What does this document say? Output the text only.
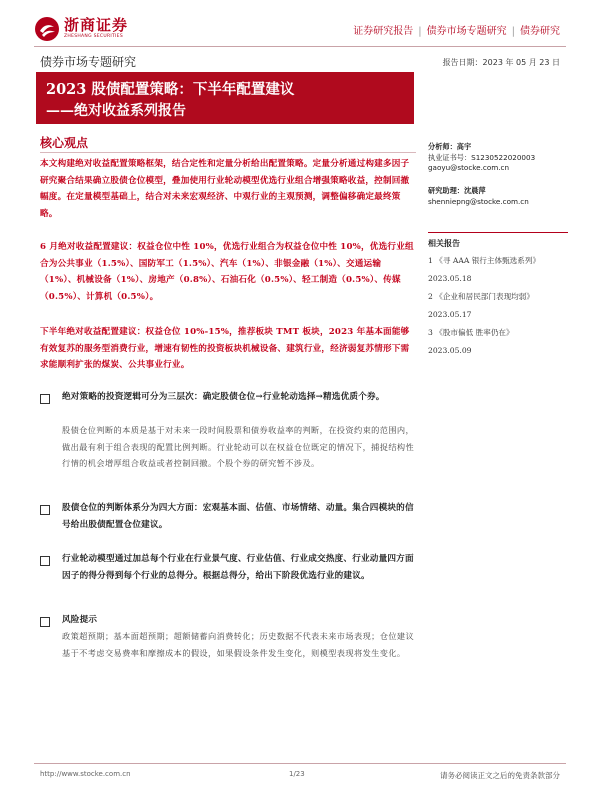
浙商证券
ZHESHANG SECURITIES	证券研究报告 | 债券市场专题研究 | 债券研究
债券市场专题研究	报告日期：2023 年 05 月 23 日
2023 股债配置策略：下半年配置建议
——绝对收益系列报告
核心观点
本文构建绝对收益配置策略框架，结合定性和定量分析给出配置策略。定量分析通过构建多因子研究聚合结果确立股债仓位模型，叠加使用行业轮动模型优选行业组合增强策略收益，控制回撤幅度。在定量模型基础上，结合对未来宏观经济、中观行业的主观预测，调整偏移确定最终策略。
6 月绝对收益配置建议：权益仓位中性 10%，优选行业组合为权益仓位中性 10%，优选行业组合为公共事业（1.5%）、国防军工（1.5%）、汽车（1%）、非银金融（1%）、交通运输（1%）、机械设备（1%）、房地产（0.8%）、石油石化（0.5%）、轻工制造（0.5%）、传媒（0.5%）、计算机（0.5%）。
下半年绝对收益配置建议：权益仓位 10%-15%，推荐板块 TMT 板块，2023 年基本面能够有效复苏的服务型消费行业，增速有韧性的投资板块机械设备、建筑行业，经济弱复苏情形下需求能顺利扩张的煤炭、公共事业行业。
绝对策略的投资逻辑可分为三层次：确定股债仓位→行业轮动选择→精选优质个券。
股债仓位判断的本质是基于对未来一段时间股票和债券收益率的判断，在投资约束的范围内，做出最有利于组合表现的配置比例判断。行业轮动可以在权益仓位既定的情况下，捕捉结构性行情的机会增厚组合收益或者控制回撤。个股个券的研究暂不涉及。
股债仓位的判断体系分为四大方面：宏观基本面、估值、市场情绪、动量。集合四模块的信号给出股债配置仓位建议。
行业轮动模型通过加总每个行业在行业景气度、行业估值、行业成交热度、行业动量四方面因子的得分得到每个行业的总得分。根据总得分，给出下阶段优选行业的建议。
风险提示
政策超预期；基本面超预期；超额储蓄向消费转化；历史数据不代表未来市场表现；仓位建议基于不考虑交易费率和摩擦成本的假设，如果假设条件发生变化，则模型表现将发生变化。
分析师：高宇
执业证书号：S1230522020003
gaoyu@stocke.com.cn
研究助理：沈晨萍
shenniepng@stocke.com.cn
相关报告
1 《寻 AAA 银行主体甄选系列》
2023.05.18
2 《企业和居民部门表现均弱》
2023.05.17
3 《股市偏低 胜率仍在》
2023.05.09
http://www.stocke.com.cn	1/23	请务必阅读正文之后的免责条款部分
